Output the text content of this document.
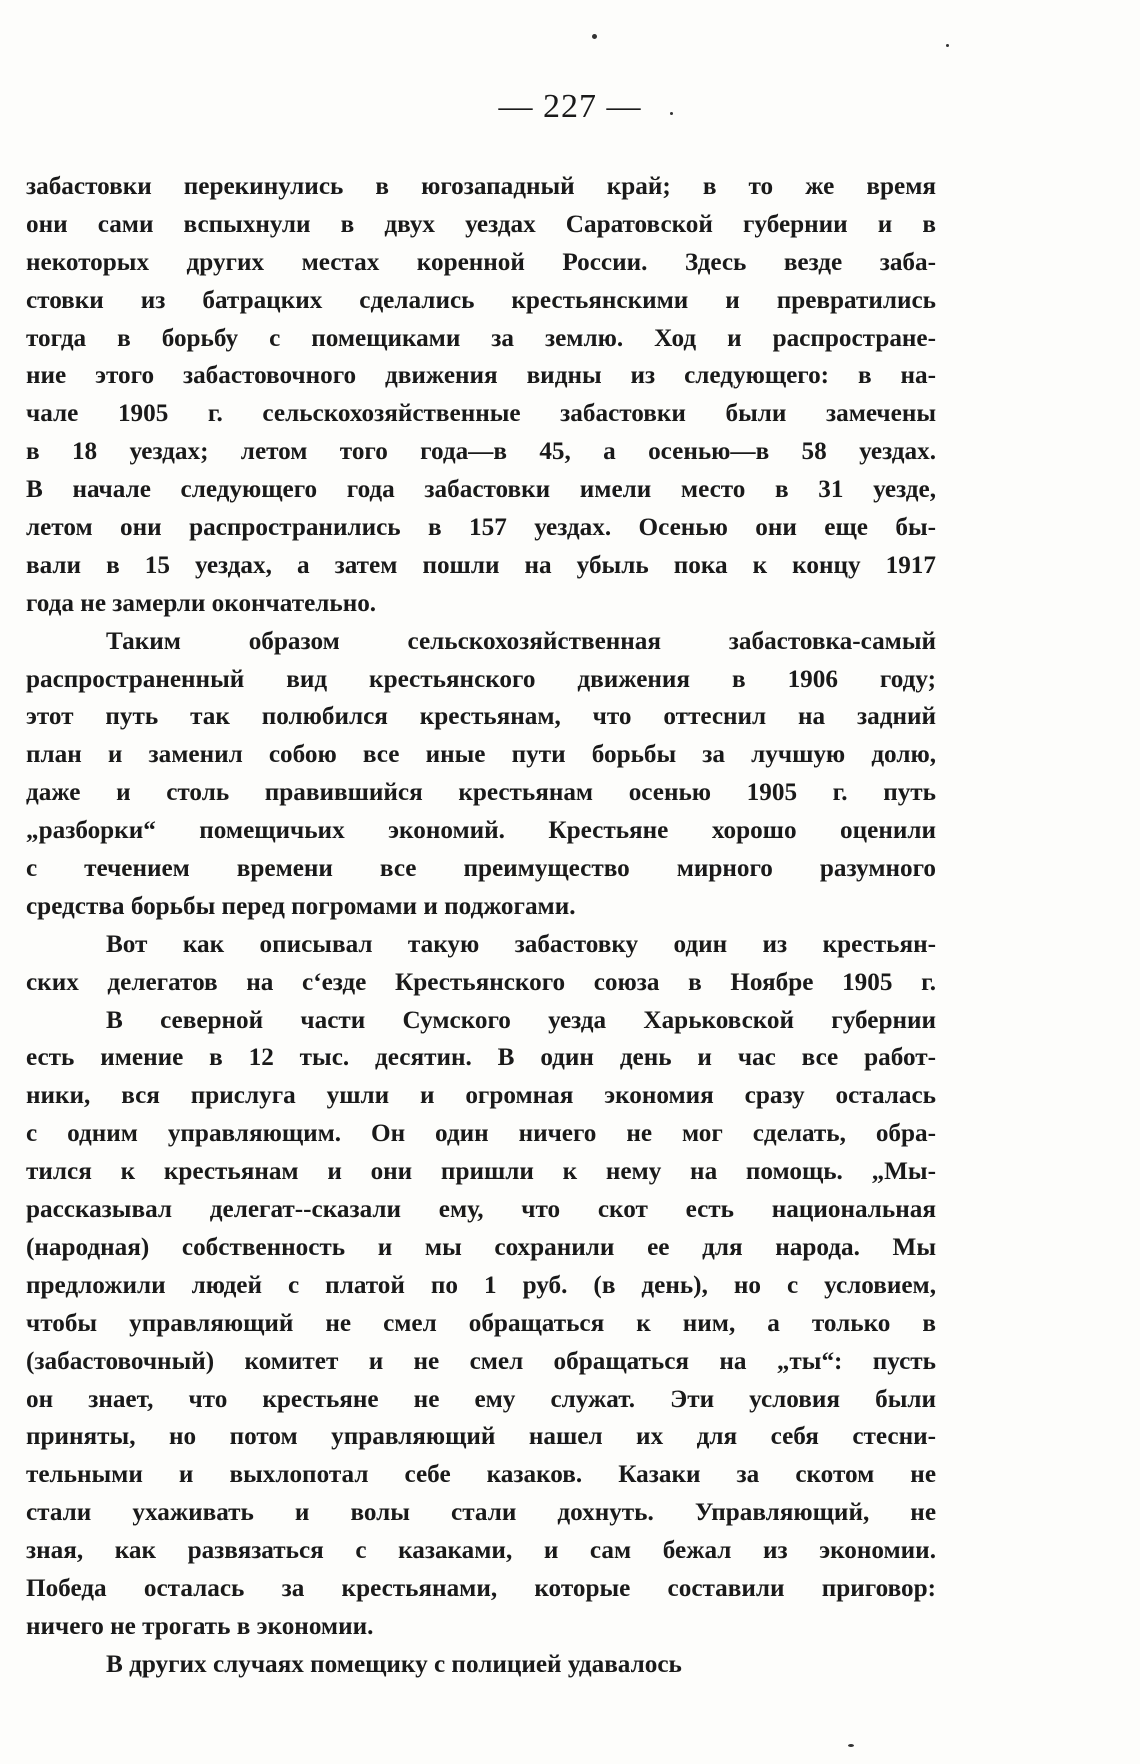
— 227 —
забастовки перекинулись в югозападный край; в то же время
они сами вспыхнули в двух уездах Саратовской губернии и в
некоторых других местах коренной России. Здесь везде заба-
стовки из батрацких сделались крестьянскими и превратились
тогда в борьбу с помещиками за землю. Ход и распростране-
ние этого забастовочного движения видны из следующего: в на-
чале 1905 г. сельскохозяйственные забастовки были замечены
в 18 уездах; летом того года—в 45, а осенью—в 58 уездах.
В начале следующего года забастовки имели место в 31 уезде,
летом они распространились в 157 уездах. Осенью они еще бы-
вали в 15 уездах, а затем пошли на убыль пока к концу 1917
года не замерли окончательно.
Таким образом сельскохозяйственная забастовка-самый
распространенный вид крестьянского движения в 1906 году;
этот путь так полюбился крестьянам, что оттеснил на задний
план и заменил собою все иные пути борьбы за лучшую долю,
даже и столь правившийся крестьянам осенью 1905 г. путь
„разборки“ помещичьих экономий. Крестьяне хорошо оценили
с течением времени все преимущество мирного разумного
средства борьбы перед погромами и поджогами.
Вот как описывал такую забастовку один из крестьян-
ских делегатов на с‘езде Крестьянского союза в Ноябре 1905 г.
В северной части Сумского уезда Харьковской губернии
есть имение в 12 тыс. десятин. В один день и час все работ-
ники, вся прислуга ушли и огромная экономия сразу осталась
с одним управляющим. Он один ничего не мог сделать, обра-
тился к крестьянам и они пришли к нему на помощь. „Мы-
рассказывал делегат--сказали ему, что скот есть национальная
(народная) собственность и мы сохранили ее для народа. Мы
предложили людей с платой по 1 руб. (в день), но с условием,
чтобы управляющий не смел обращаться к ним, а только в
(забастовочный) комитет и не смел обращаться на „ты“: пусть
он знает, что крестьяне не ему служат. Эти условия были
приняты, но потом управляющий нашел их для себя стесни-
тельными и выхлопотал себе казаков. Казаки за скотом не
стали ухаживать и волы стали дохнуть. Управляющий, не
зная, как развязаться с казаками, и сам бежал из экономии.
Победа осталась за крестьянами, которые составили приговор:
ничего не трогать в экономии.
В других случаях помещику с полицией удавалось
